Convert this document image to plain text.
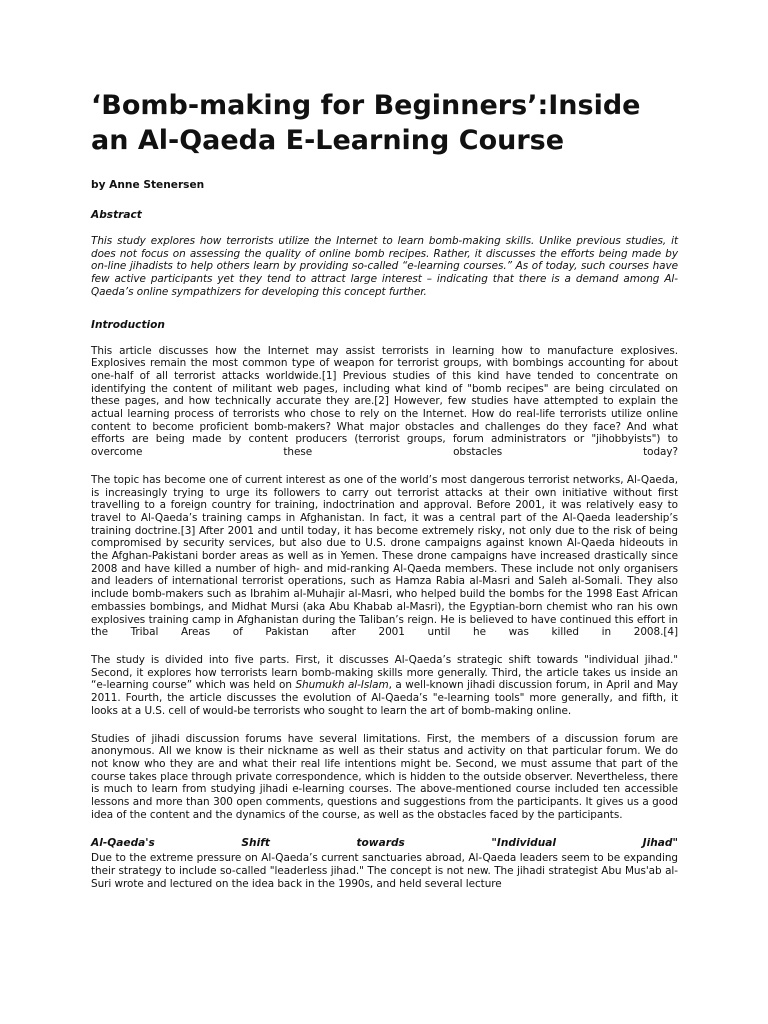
‘Bomb-making for Beginners’:Inside an Al-Qaeda E-Learning Course

by Anne Stenersen

Abstract

This study explores how terrorists utilize the Internet to learn bomb-making skills. Unlike previous studies, it does not focus on assessing the quality of online bomb recipes. Rather, it discusses the efforts being made by on-line jihadists to help others learn by providing so-called “e-learning courses.” As of today, such courses have few active participants yet they tend to attract large interest – indicating that there is a demand among Al-Qaeda’s online sympathizers for developing this concept further.

Introduction

This article discusses how the Internet may assist terrorists in learning how to manufacture explosives. Explosives remain the most common type of weapon for terrorist groups, with bombings accounting for about one-half of all terrorist attacks worldwide.[1] Previous studies of this kind have tended to concentrate on identifying the content of militant web pages, including what kind of "bomb recipes" are being circulated on these pages, and how technically accurate they are.[2] However, few studies have attempted to explain the actual learning process of terrorists who chose to rely on the Internet. How do real-life terrorists utilize online content to become proficient bomb-makers? What major obstacles and challenges do they face? And what efforts are being made by content producers (terrorist groups, forum administrators or "jihobbyists") to overcome these obstacles today?

The topic has become one of current interest as one of the world’s most dangerous terrorist networks, Al-Qaeda, is increasingly trying to urge its followers to carry out terrorist attacks at their own initiative without first travelling to a foreign country for training, indoctrination and approval. Before 2001, it was relatively easy to travel to Al-Qaeda’s training camps in Afghanistan. In fact, it was a central part of the Al-Qaeda leadership’s training doctrine.[3] After 2001 and until today, it has become extremely risky, not only due to the risk of being compromised by security services, but also due to U.S. drone campaigns against known Al-Qaeda hideouts in the Afghan-Pakistani border areas as well as in Yemen. These drone campaigns have increased drastically since 2008 and have killed a number of high- and mid-ranking Al-Qaeda members. These include not only organisers and leaders of international terrorist operations, such as Hamza Rabia al-Masri and Saleh al-Somali. They also include bomb-makers such as Ibrahim al-Muhajir al-Masri, who helped build the bombs for the 1998 East African embassies bombings, and Midhat Mursi (aka Abu Khabab al-Masri), the Egyptian-born chemist who ran his own explosives training camp in Afghanistan during the Taliban’s reign. He is believed to have continued this effort in the Tribal Areas of Pakistan after 2001 until he was killed in 2008.[4]

The study is divided into five parts. First, it discusses Al-Qaeda’s strategic shift towards "individual jihad." Second, it explores how terrorists learn bomb-making skills more generally. Third, the article takes us inside an “e-learning course” which was held on Shumukh al-Islam, a well-known jihadi discussion forum, in April and May 2011. Fourth, the article discusses the evolution of Al-Qaeda’s "e-learning tools" more generally, and fifth, it looks at a U.S. cell of would-be terrorists who sought to learn the art of bomb-making online.

Studies of jihadi discussion forums have several limitations. First, the members of a discussion forum are anonymous. All we know is their nickname as well as their status and activity on that particular forum. We do not know who they are and what their real life intentions might be. Second, we must assume that part of the course takes place through private correspondence, which is hidden to the outside observer. Nevertheless, there is much to learn from studying jihadi e-learning courses. The above-mentioned course included ten accessible lessons and more than 300 open comments, questions and suggestions from the participants. It gives us a good idea of the content and the dynamics of the course, as well as the obstacles faced by the participants.

Al-Qaeda's Shift towards "Individual Jihad"

Due to the extreme pressure on Al-Qaeda’s current sanctuaries abroad, Al-Qaeda leaders seem to be expanding their strategy to include so-called "leaderless jihad." The concept is not new. The jihadi strategist Abu Mus'ab al-Suri wrote and lectured on the idea back in the 1990s, and held several lecture
